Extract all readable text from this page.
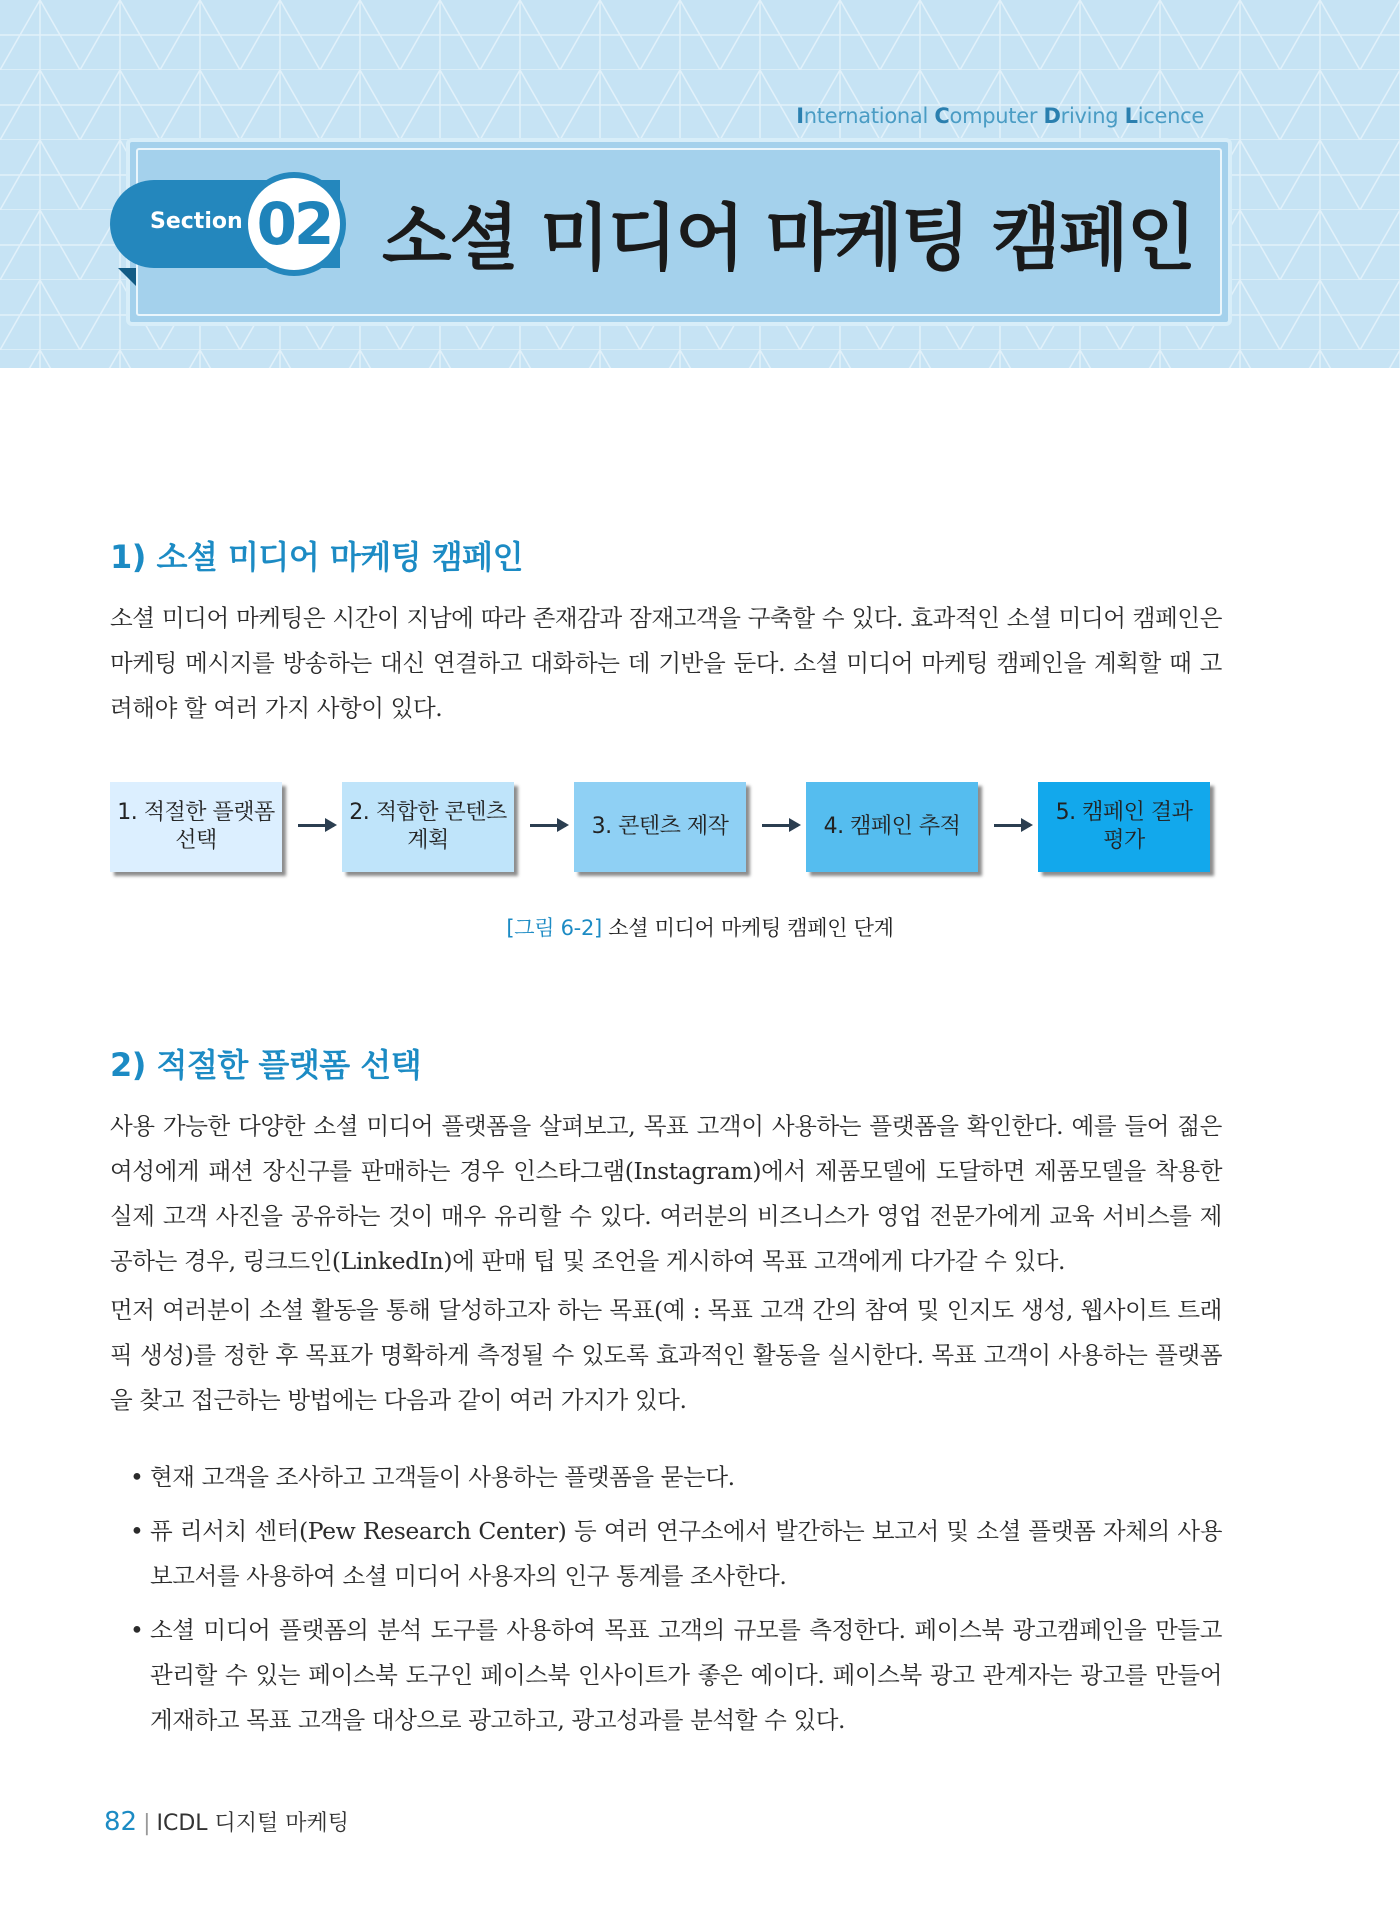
International Computer Driving Licence
Section 02 소셜 미디어 마케팅 캠페인
1) 소셜 미디어 마케팅 캠페인

소셜 미디어 마케팅은 시간이 지남에 따라 존재감과 잠재고객을 구축할 수 있다. 효과적인 소셜 미디어 캠페인은 마케팅 메시지를 방송하는 대신 연결하고 대화하는 데 기반을 둔다. 소셜 미디어 마케팅 캠페인을 계획할 때 고려해야 할 여러 가지 사항이 있다.

1. 적절한 플랫폼
선택
2. 적합한 콘텐츠
계획
3. 콘텐츠 제작	4. 캠페인 추적
5. 캠페인 결과
평가
[그림 6-2] 소셜 미디어 마케팅 캠페인 단계
2) 적절한 플랫폼 선택

사용 가능한 다양한 소셜 미디어 플랫폼을 살펴보고, 목표 고객이 사용하는 플랫폼을 확인한다. 예를 들어 젊은 여성에게 패션 장신구를 판매하는 경우 인스타그램(Instagram)에서 제품모델에 도달하면 제품모델을 착용한 실제 고객 사진을 공유하는 것이 매우 유리할 수 있다. 여러분의 비즈니스가 영업 전문가에게 교육 서비스를 제공하는 경우, 링크드인(LinkedIn)에 판매 팁 및 조언을 게시하여 목표 고객에게 다가갈 수 있다.

먼저 여러분이 소셜 활동을 통해 달성하고자 하는 목표(예 : 목표 고객 간의 참여 및 인지도 생성, 웹사이트 트래픽 생성)를 정한 후 목표가 명확하게 측정될 수 있도록 효과적인 활동을 실시한다. 목표 고객이 사용하는 플랫폼을 찾고 접근하는 방법에는 다음과 같이 여러 가지가 있다.

• 현재 고객을 조사하고 고객들이 사용하는 플랫폼을 묻는다.
• 퓨 리서치 센터(Pew Research Center) 등 여러 연구소에서 발간하는 보고서 및 소셜 플랫폼 자체의 사용 보고서를 사용하여 소셜 미디어 사용자의 인구 통계를 조사한다.
• 소셜 미디어 플랫폼의 분석 도구를 사용하여 목표 고객의 규모를 측정한다. 페이스북 광고캠페인을 만들고 관리할 수 있는 페이스북 도구인 페이스북 인사이트가 좋은 예이다. 페이스북 광고 관계자는 광고를 만들어 게재하고 목표 고객을 대상으로 광고하고, 광고성과를 분석할 수 있다.
82 | ICDL 디지털 마케팅
